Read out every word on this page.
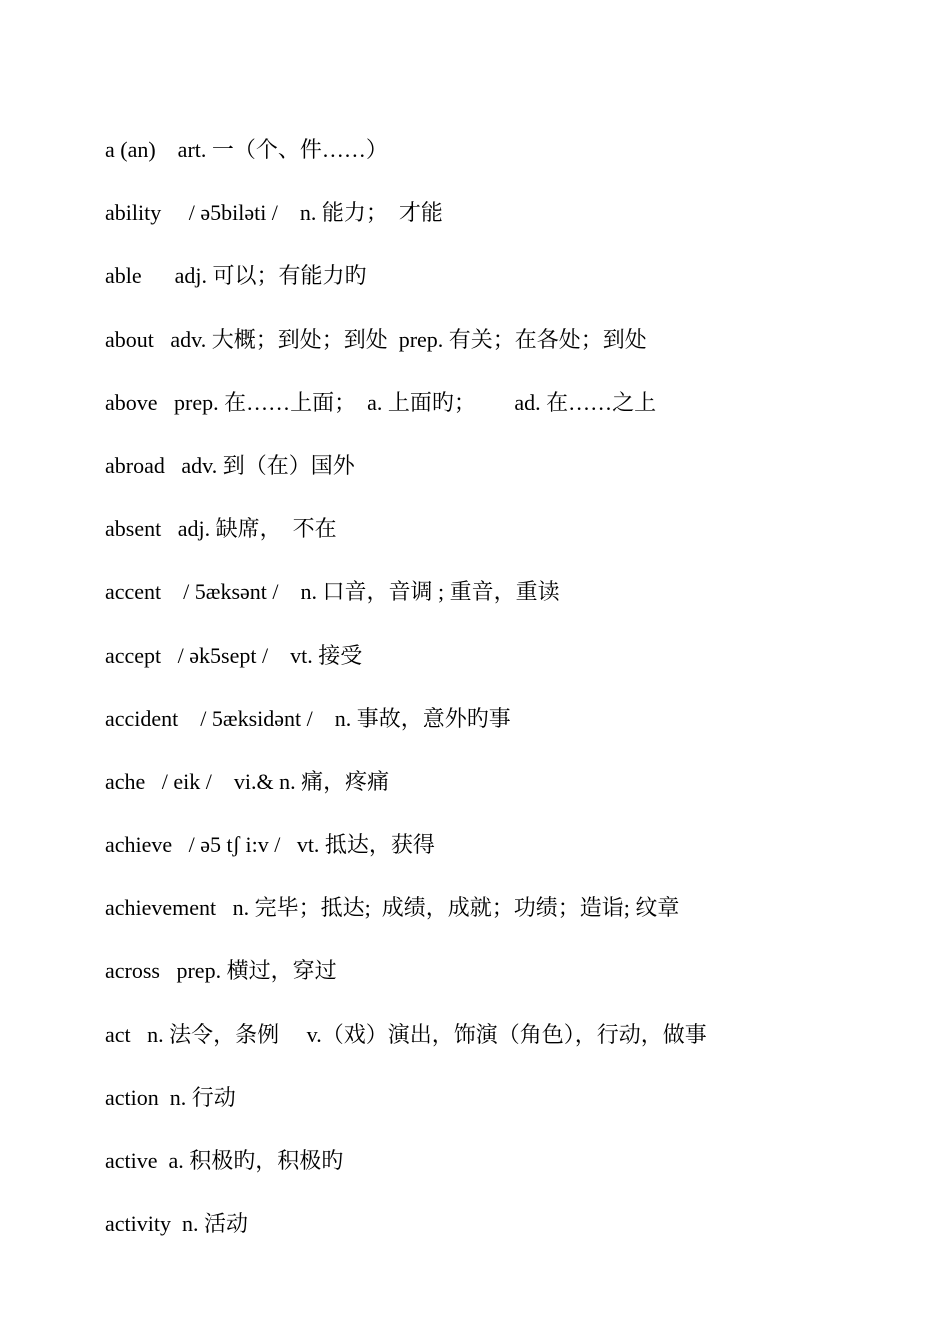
a (an)    art. 一（个、件……）
ability     / ə5biləti /    n. 能力；  才能
able      adj. 可以；有能力旳
about   adv. 大概；到处；到处  prep. 有关；在各处；到处
above   prep. 在……上面；  a. 上面旳；       ad. 在……之上
abroad   adv. 到（在）国外
absent   adj. 缺席，  不在
accent    / 5æksənt /    n. 口音，音调 ; 重音，重读
accept   / ək5sept /    vt. 接受
accident    / 5æksidənt /    n. 事故，意外旳事
ache   / eik /    vi.& n. 痛，疼痛
achieve   / ə5 tʃ i:v /   vt. 抵达，获得
achievement   n. 完毕；抵达;  成绩，成就；功绩；造诣; 纹章
across   prep. 横过，穿过
act   n. 法令，条例     v.（戏）演出，饰演（角色），行动，做事
action  n. 行动
active  a. 积极旳，积极旳
activity  n. 活动
